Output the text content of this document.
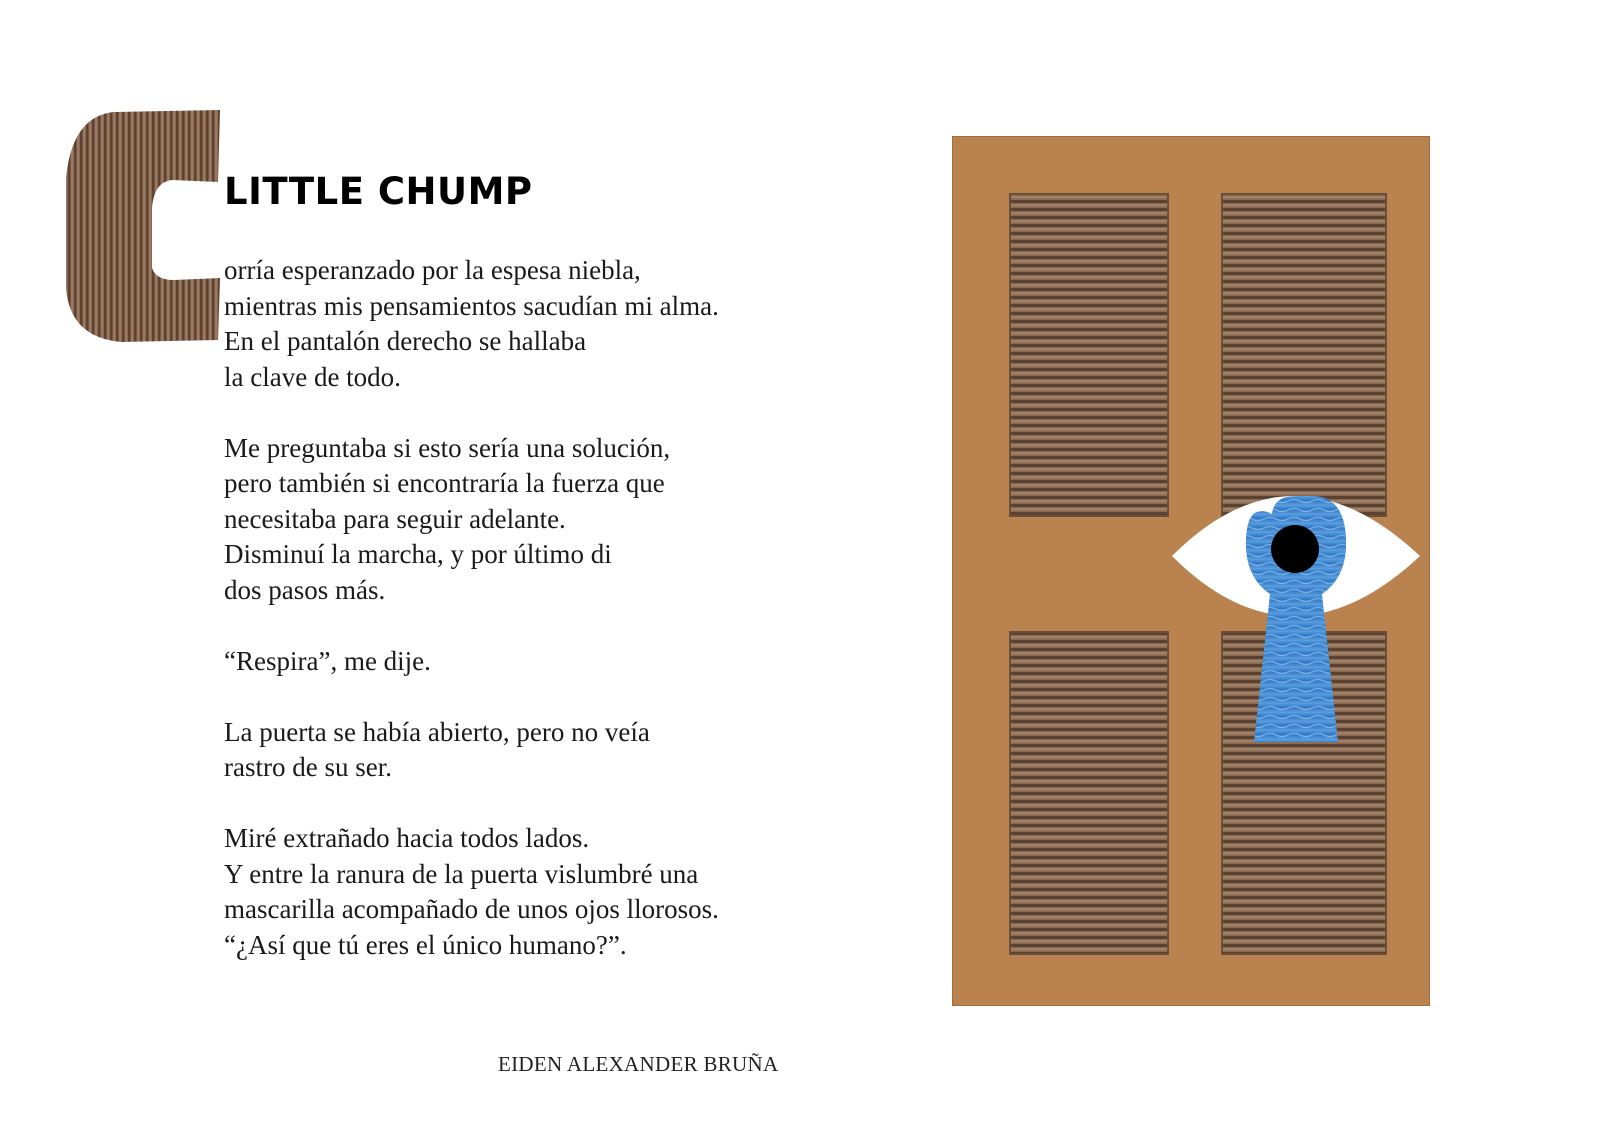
LITTLE CHUMP

orría esperanzado por la espesa niebla,
mientras mis pensamientos sacudían mi alma.
En el pantalón derecho se hallaba
la clave de todo.

Me preguntaba si esto sería una solución,
pero también si encontraría la fuerza que
necesitaba para seguir adelante.
Disminuí la marcha, y por último di
dos pasos más.

“Respira”, me dije.

La puerta se había abierto, pero no veía
rastro de su ser.

Miré extrañado hacia todos lados.
Y entre la ranura de la puerta vislumbré una
mascarilla acompañado de unos ojos llorosos.
“¿Así que tú eres el único humano?”.

EIDEN ALEXANDER BRUÑA
